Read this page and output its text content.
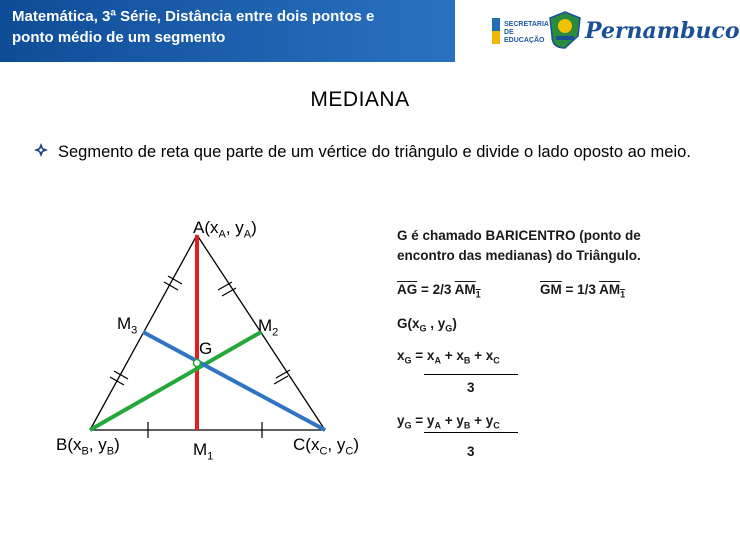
Matemática, 3ª Série, Distância entre dois pontos e
ponto médio de um segmento
SECRETARIA
DE EDUCAÇÃO Pernambuco
MEDIANA
Segmento de reta que parte de um vértice do triângulo e divide o lado oposto ao meio.
$A(x_A$, $y_A$)
$B(x_B$, $y_B$)	$C(x_C$, $y_C$)
$M_1$
$M_2$
$M_3$
G
G é chamado BARICENTRO (ponto de
encontro das medianas) do Triângulo.
$\overline{AG} = 2/3$ $AM_1$	$\overline{GM} = 1/3$ $AM_1$
$G(x_G$ , $y_G$)
$x_G = x_A + x_B + x_C$
3
$y_G = y_A + y_B + y_C$
3
